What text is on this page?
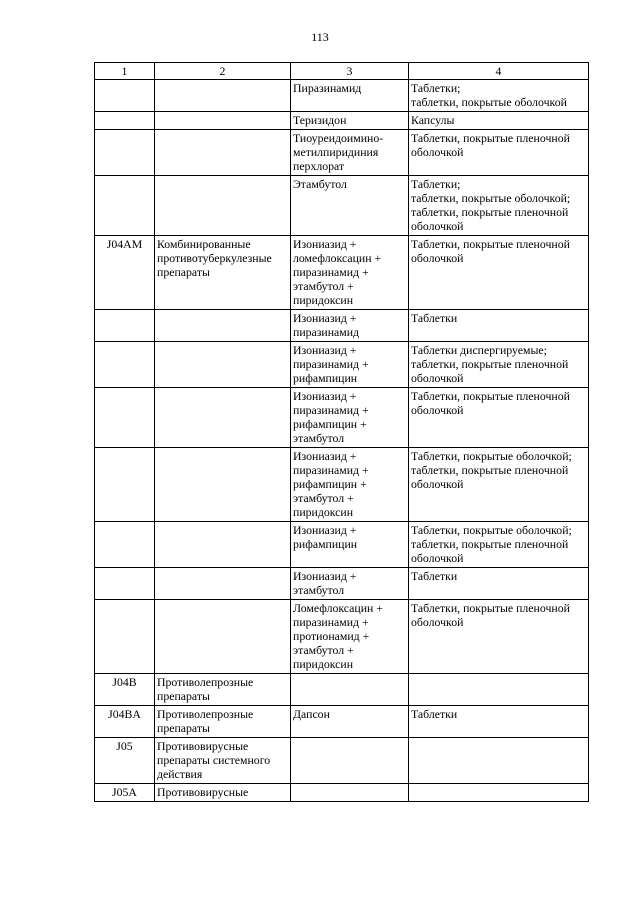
113
1	2	3	4

		Пиразинамид	Таблетки;
таблетки, покрытые оболочкой

		Теризидон	Капсулы

		Тиоуреидоимино-
метилпиридиния
перхлорат	Таблетки, покрытые пленочной
оболочкой

		Этамбутол	Таблетки;
таблетки, покрытые оболочкой;
таблетки, покрытые пленочной
оболочкой

J04AM	Комбинированные
противотуберкулезные
препараты	Изониазид +
ломефлоксацин +
пиразинамид +
этамбутол +
пиридоксин	Таблетки, покрытые пленочной
оболочкой

		Изониазид +
пиразинамид	Таблетки

		Изониазид +
пиразинамид +
рифампицин	Таблетки диспергируемые;
таблетки, покрытые пленочной
оболочкой

		Изониазид +
пиразинамид +
рифампицин +
этамбутол	Таблетки, покрытые пленочной
оболочкой

		Изониазид +
пиразинамид +
рифампицин +
этамбутол +
пиридоксин	Таблетки, покрытые оболочкой;
таблетки, покрытые пленочной
оболочкой

		Изониазид +
рифампицин	Таблетки, покрытые оболочкой;
таблетки, покрытые пленочной
оболочкой

		Изониазид +
этамбутол	Таблетки

		Ломефлоксацин +
пиразинамид +
протионамид +
этамбутол +
пиридоксин	Таблетки, покрытые пленочной
оболочкой

J04B	Противолепрозные
препараты		

J04BA	Противолепрозные
препараты	Дапсон	Таблетки

J05	Противовирусные
препараты системного
действия		

J05A	Противовирусные		
